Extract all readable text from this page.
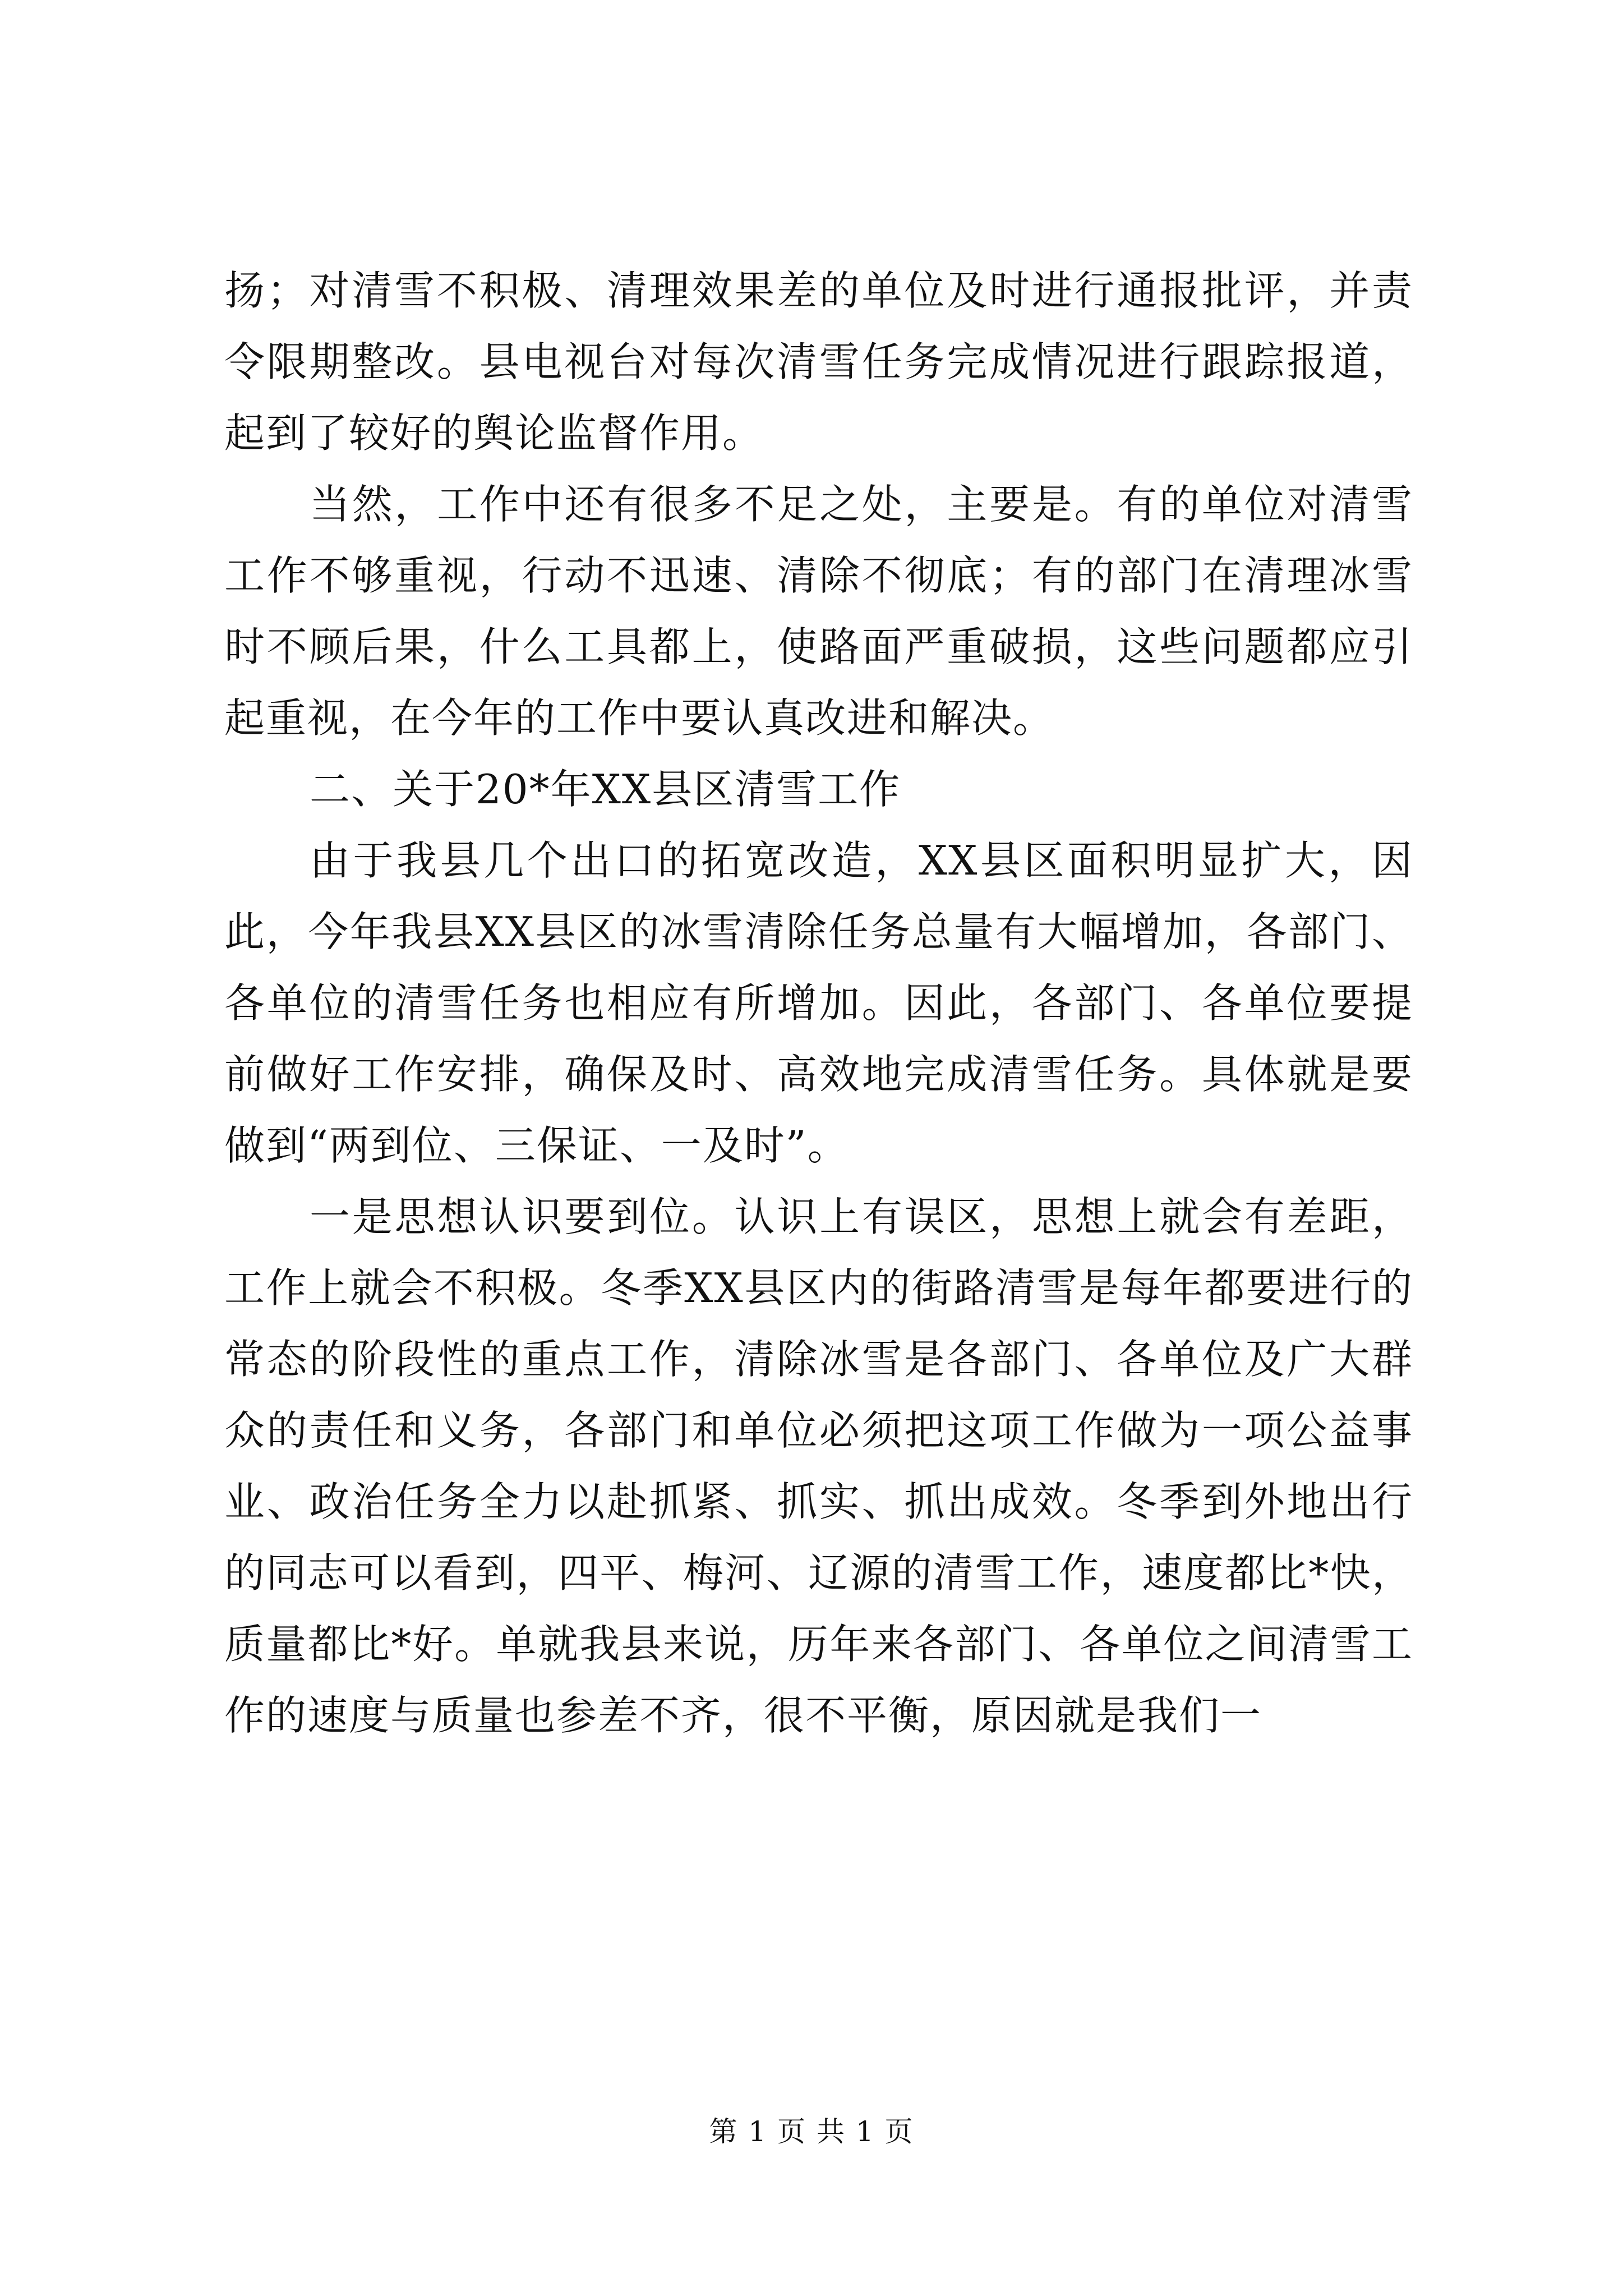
扬；对清雪不积极、清理效果差的单位及时进行通报批评，并责令限期整改。县电视台对每次清雪任务完成情况进行跟踪报道，起到了较好的舆论监督作用。

当然，工作中还有很多不足之处，主要是。有的单位对清雪工作不够重视，行动不迅速、清除不彻底；有的部门在清理冰雪时不顾后果，什么工具都上，使路面严重破损，这些问题都应引起重视，在今年的工作中要认真改进和解决。

二、关于20*年XX县区清雪工作

由于我县几个出口的拓宽改造，XX县区面积明显扩大，因此，今年我县XX县区的冰雪清除任务总量有大幅增加，各部门、各单位的清雪任务也相应有所增加。因此，各部门、各单位要提前做好工作安排，确保及时、高效地完成清雪任务。具体就是要做到“两到位、三保证、一及时”。

一是思想认识要到位。认识上有误区，思想上就会有差距，工作上就会不积极。冬季XX县区内的街路清雪是每年都要进行的常态的阶段性的重点工作，清除冰雪是各部门、各单位及广大群众的责任和义务，各部门和单位必须把这项工作做为一项公益事业、政治任务全力以赴抓紧、抓实、抓出成效。冬季到外地出行的同志可以看到，四平、梅河、辽源的清雪工作，速度都比*快，质量都比*好。单就我县来说，历年来各部门、各单位之间清雪工作的速度与质量也参差不齐，很不平衡，原因就是我们一

第 1 页 共 1 页
